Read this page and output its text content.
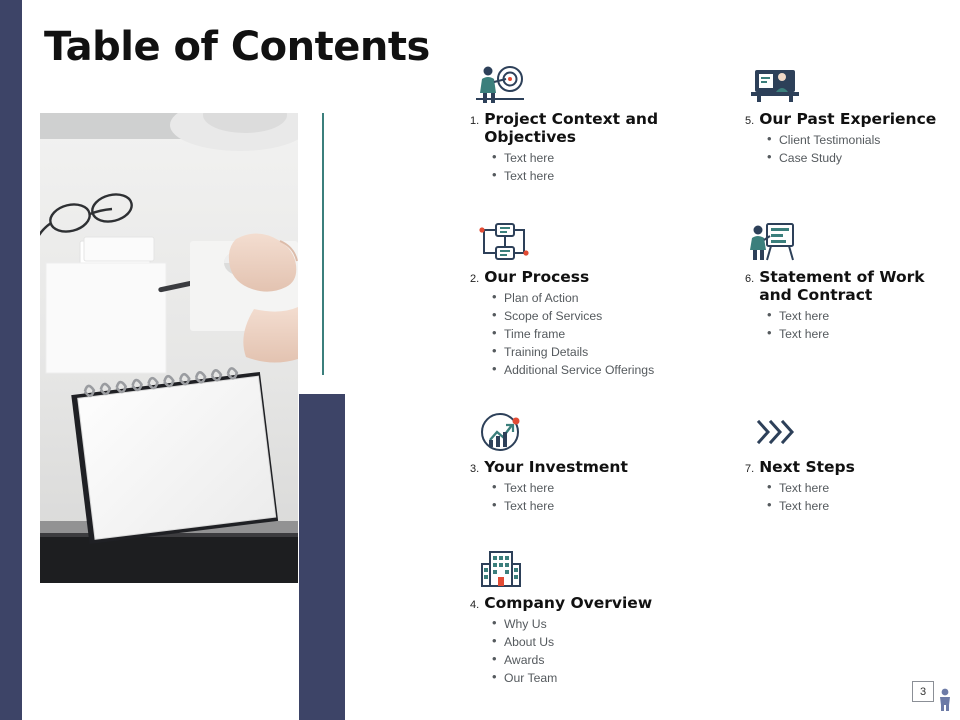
Table of Contents
1. Project Context and Objectives
• Text here
• Text here
2. Our Process
• Plan of Action
• Scope of Services
• Time frame
• Training Details
• Additional Service Offerings
3. Your Investment
• Text here
• Text here
4. Company Overview
• Why Us
• About Us
• Awards
• Our Team
5. Our Past Experience
• Client Testimonials
• Case Study
6. Statement of Work and Contract
• Text here
• Text here
7. Next Steps
• Text here
• Text here
3
